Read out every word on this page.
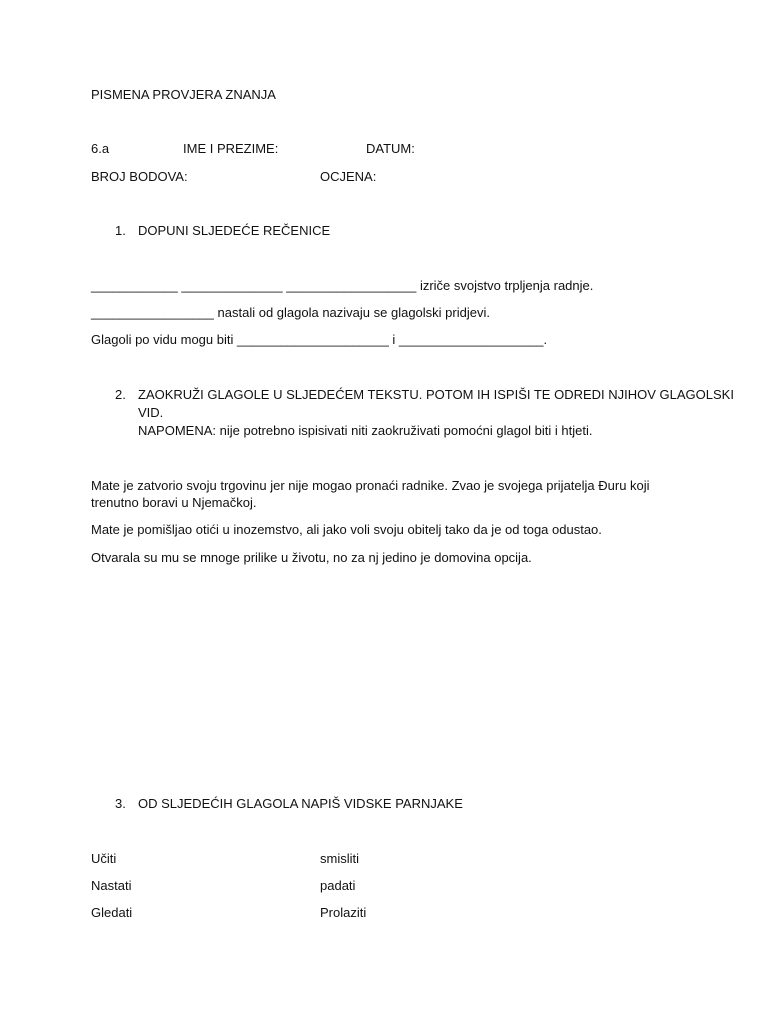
PISMENA PROVJERA ZNANJA
6.a	IME I PREZIME:	DATUM:
BROJ BODOVA:	OCJENA:
1. DOPUNI SLJEDEĆE REČENICE
____________ ______________ __________________ izriče svojstvo trpljenja radnje.
_________________ nastali od glagola nazivaju se glagolski pridjevi.
Glagoli po vidu mogu biti _____________________ i ____________________.
2. ZAOKRUŽI GLAGOLE U SLJEDEĆEM TEKSTU. POTOM IH ISPIŠI TE ODREDI NJIHOV GLAGOLSKI
VID.
NAPOMENA: nije potrebno ispisivati niti zaokruživati pomoćni glagol biti i htjeti.
Mate je zatvorio svoju trgovinu jer nije mogao pronaći radnike. Zvao je svojega prijatelja Đuru koji
trenutno boravi u Njemačkoj.
Mate je pomišljao otići u inozemstvo, ali jako voli svoju obitelj tako da je od toga odustao.
Otvarala su mu se mnoge prilike u životu, no za nj jedino je domovina opcija.
3. OD SLJEDEĆIH GLAGOLA NAPIŠ VIDSKE PARNJAKE
Učiti	smisliti
Nastati	padati
Gledati	Prolaziti
